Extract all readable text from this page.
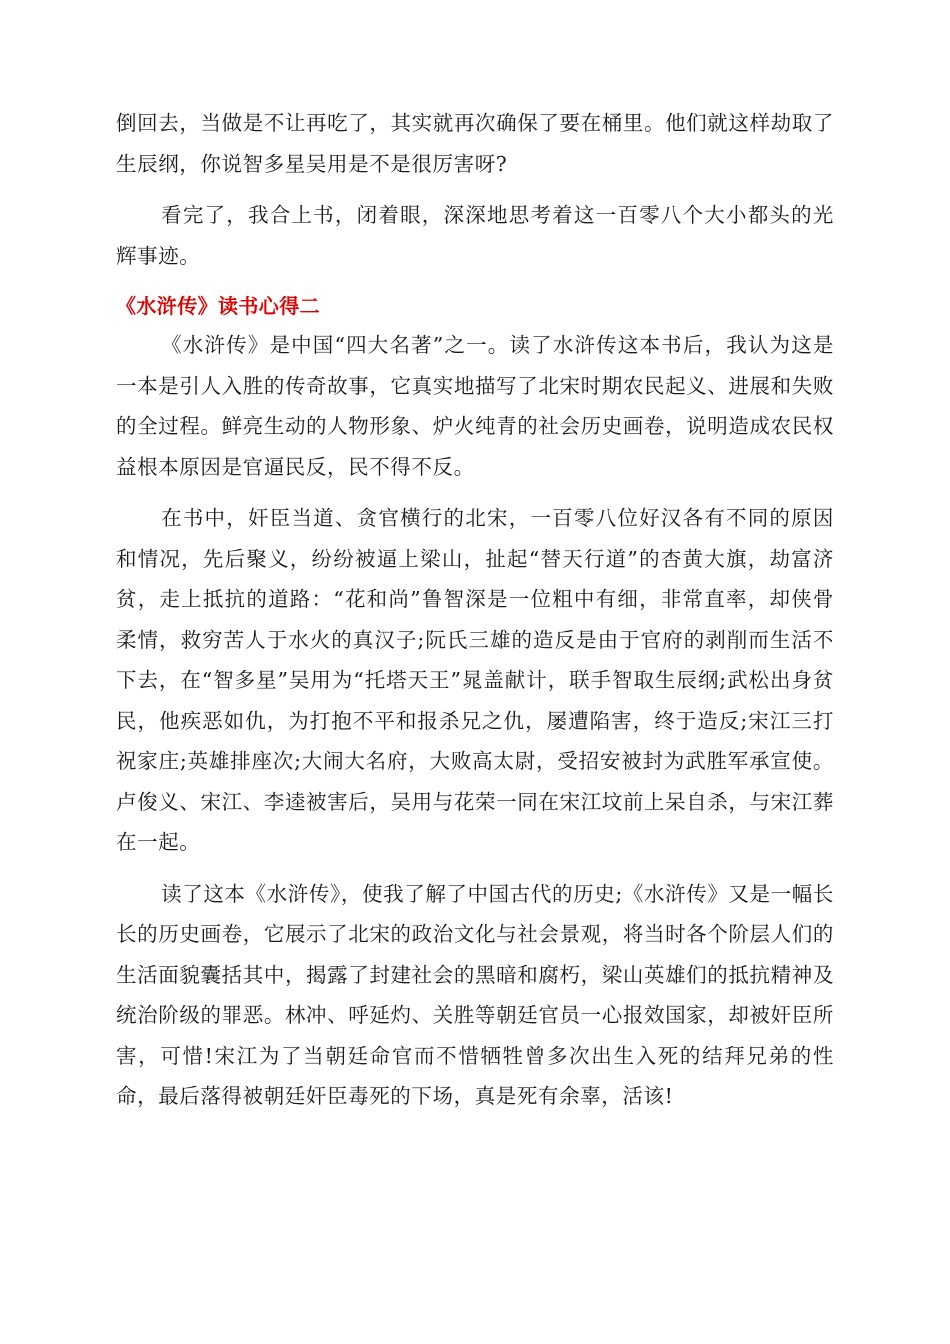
倒回去，当做是不让再吃了，其实就再次确保了要在桶里。他们就这样劫取了生辰纲，你说智多星吴用是不是很厉害呀?

看完了，我合上书，闭着眼，深深地思考着这一百零八个大小都头的光辉事迹。

《水浒传》读书心得二

《水浒传》是中国“四大名著”之一。读了水浒传这本书后，我认为这是一本是引人入胜的传奇故事，它真实地描写了北宋时期农民起义、进展和失败的全过程。鲜亮生动的人物形象、炉火纯青的社会历史画卷，说明造成农民权益根本原因是官逼民反，民不得不反。

在书中，奸臣当道、贪官横行的北宋，一百零八位好汉各有不同的原因和情况，先后聚义，纷纷被逼上梁山，扯起“替天行道”的杏黄大旗，劫富济贫，走上抵抗的道路：“花和尚”鲁智深是一位粗中有细，非常直率，却侠骨柔情，救穷苦人于水火的真汉子;阮氏三雄的造反是由于官府的剥削而生活不下去，在“智多星”吴用为“托塔天王”晁盖献计，联手智取生辰纲;武松出身贫民，他疾恶如仇，为打抱不平和报杀兄之仇，屡遭陷害，终于造反;宋江三打祝家庄;英雄排座次;大闹大名府，大败高太尉，受招安被封为武胜军承宣使。卢俊义、宋江、李逵被害后，吴用与花荣一同在宋江坟前上呆自杀，与宋江葬在一起。

读了这本《水浒传》，使我了解了中国古代的历史;《水浒传》又是一幅长长的历史画卷，它展示了北宋的政治文化与社会景观，将当时各个阶层人们的生活面貌囊括其中，揭露了封建社会的黑暗和腐朽，梁山英雄们的抵抗精神及统治阶级的罪恶。林冲、呼延灼、关胜等朝廷官员一心报效国家，却被奸臣所害，可惜!宋江为了当朝廷命官而不惜牺牲曾多次出生入死的结拜兄弟的性命，最后落得被朝廷奸臣毒死的下场，真是死有余辜，活该!
